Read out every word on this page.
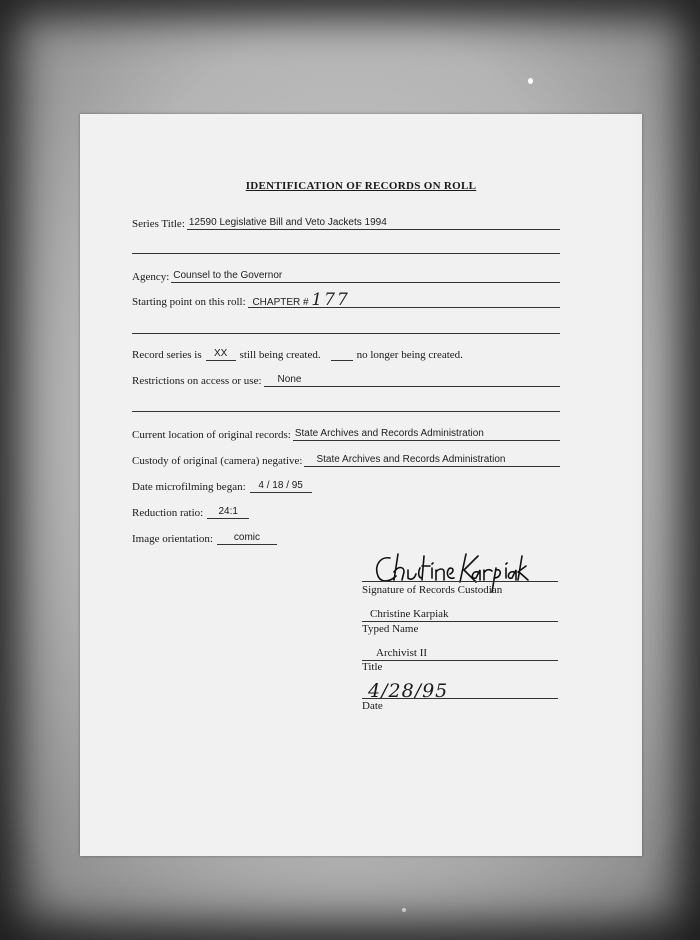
IDENTIFICATION OF RECORDS ON ROLL
Series Title: 12590 Legislative Bill and Veto Jackets 1994
Agency: Counsel to the Governor
Starting point on this roll: CHAPTER # 177
Record series is	XX	still being created.	no longer being created.
Restrictions on access or use:	None
Current location of original records: State Archives and Records Administration
Custody of original (camera) negative:	State Archives and Records Administration
Date microfilming began:	4 / 18 / 95
Reduction ratio:	24:1
Image orientation:	comic
Signature of Records Custodian
Christine Karpiak
Typed Name
Archivist II
Title
4/28/95
Date
